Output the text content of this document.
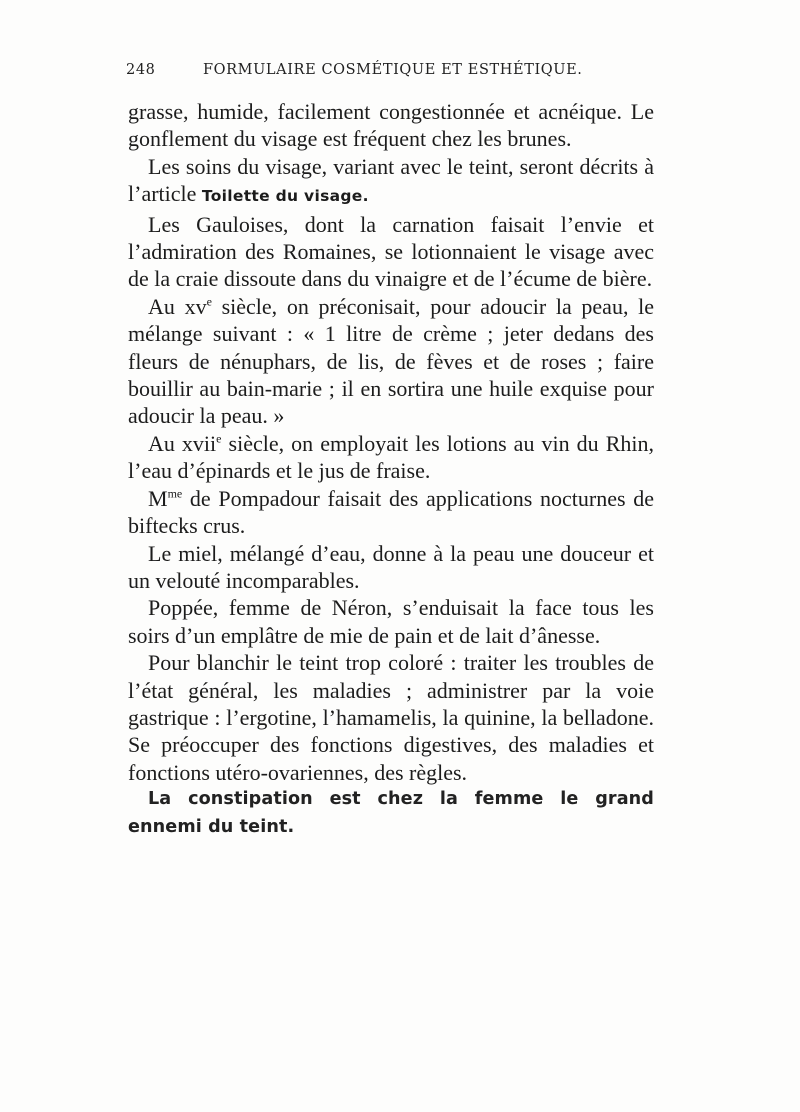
248	FORMULAIRE COSMÉTIQUE ET ESTHÉTIQUE.

grasse, humide, facilement congestionnée et acnéique. Le gonflement du visage est fréquent chez les brunes.

Les soins du visage, variant avec le teint, seront décrits à l’article Toilette du visage.

Les Gauloises, dont la carnation faisait l’envie et l’admiration des Romaines, se lotionnaient le visage avec de la craie dissoute dans du vinaigre et de l’écume de bière.

Au $xv^e$ siècle, on préconisait, pour adoucir la peau, le mélange suivant : « 1 litre de crème ; jeter dedans des fleurs de nénuphars, de lis, de fèves et de roses ; faire bouillir au bain-marie ; il en sortira une huile exquise pour adoucir la peau. »

Au xvii$^e$ siècle, on employait les lotions au vin du Rhin, l’eau d’épinards et le jus de fraise.

$M^{me}$ de Pompadour faisait des applications nocturnes de biftecks crus.

Le miel, mélangé d’eau, donne à la peau une douceur et un velouté incomparables.

Poppée, femme de Néron, s’enduisait la face tous les soirs d’un emplâtre de mie de pain et de lait d’ânesse.

Pour blanchir le teint trop coloré : traiter les troubles de l’état général, les maladies ; administrer par la voie gastrique : l’ergotine, l’hamamelis, la quinine, la belladone. Se préoccuper des fonctions digestives, des maladies et fonctions utéro-ovariennes, des règles.

La constipation est chez la femme le grand ennemi du teint.
